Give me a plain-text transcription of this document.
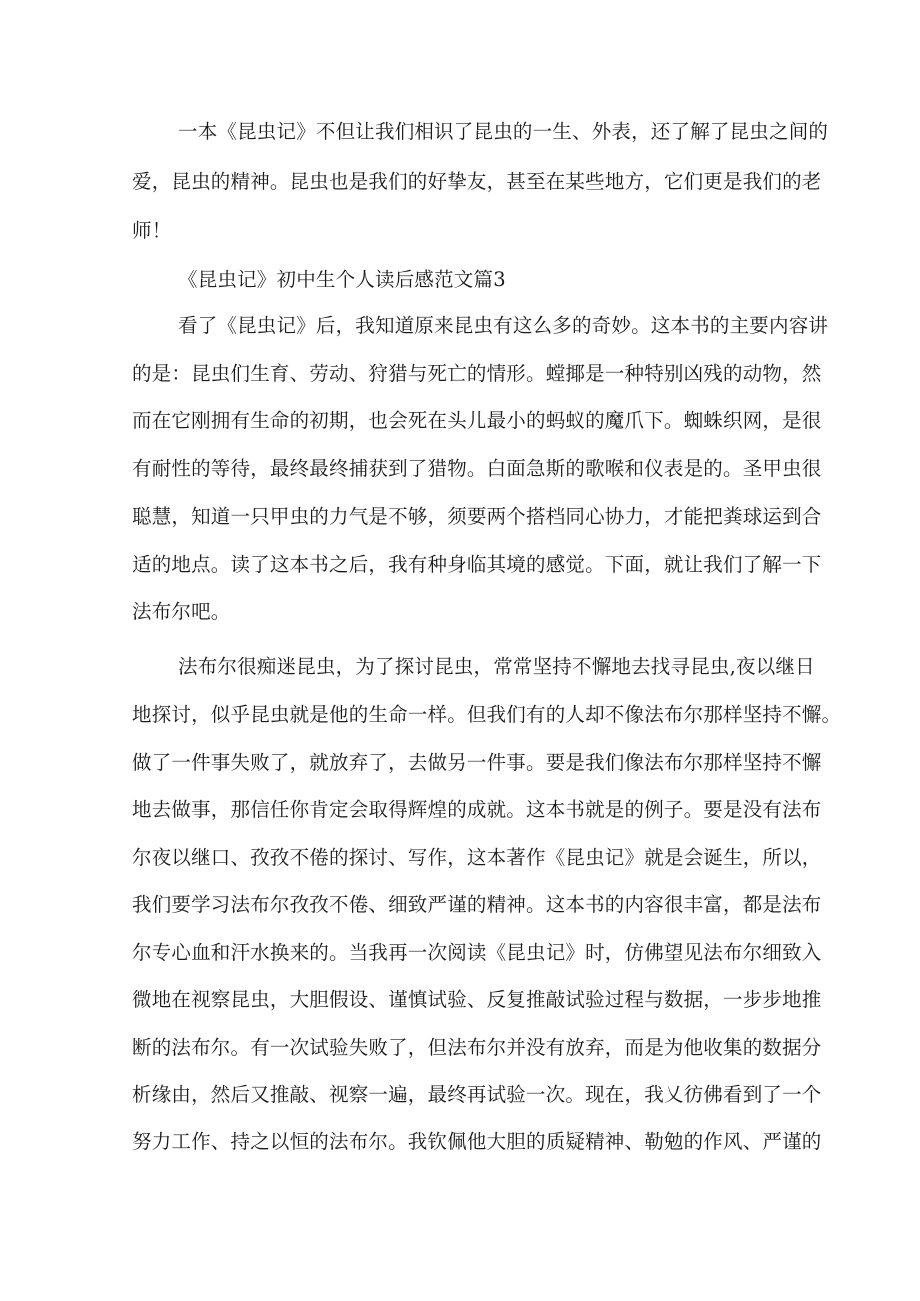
一本《昆虫记》不但让我们相识了昆虫的一生、外表，还了解了昆虫之间的
爱，昆虫的精神。昆虫也是我们的好挚友，甚至在某些地方，它们更是我们的老
师！
《昆虫记》初中生个人读后感范文篇3
看了《昆虫记》后，我知道原来昆虫有这么多的奇妙。这本书的主要内容讲
的是：昆虫们生育、劳动、狩猎与死亡的情形。螳揶是一种特别凶残的动物，然
而在它刚拥有生命的初期，也会死在头儿最小的蚂蚁的魔爪下。蜘蛛织网，是很
有耐性的等待，最终最终捕获到了猎物。白面急斯的歌喉和仪表是的。圣甲虫很
聪慧，知道一只甲虫的力气是不够，须要两个搭档同心协力，才能把粪球运到合
适的地点。读了这本书之后，我有种身临其境的感觉。下面，就让我们了解一下
法布尔吧。
法布尔很痴迷昆虫，为了探讨昆虫，常常坚持不懈地去找寻昆虫,夜以继日
地探讨，似乎昆虫就是他的生命一样。但我们有的人却不像法布尔那样坚持不懈。
做了一件事失败了，就放弃了，去做另一件事。要是我们像法布尔那样坚持不懈
地去做事，那信任你肯定会取得辉煌的成就。这本书就是的例子。要是没有法布
尔夜以继口、孜孜不倦的探讨、写作，这本著作《昆虫记》就是会诞生，所以，
我们要学习法布尔孜孜不倦、细致严谨的精神。这本书的内容很丰富，都是法布
尔专心血和汗水换来的。当我再一次阅读《昆虫记》时，仿佛望见法布尔细致入
微地在视察昆虫，大胆假设、谨慎试验、反复推敲试验过程与数据，一步步地推
断的法布尔。有一次试验失败了，但法布尔并没有放弃，而是为他收集的数据分
析缘由，然后又推敲、视察一遍，最终再试验一次。现在，我乂彷佛看到了一个
努力工作、持之以恒的法布尔。我钦佩他大胆的质疑精神、勒勉的作风、严谨的
